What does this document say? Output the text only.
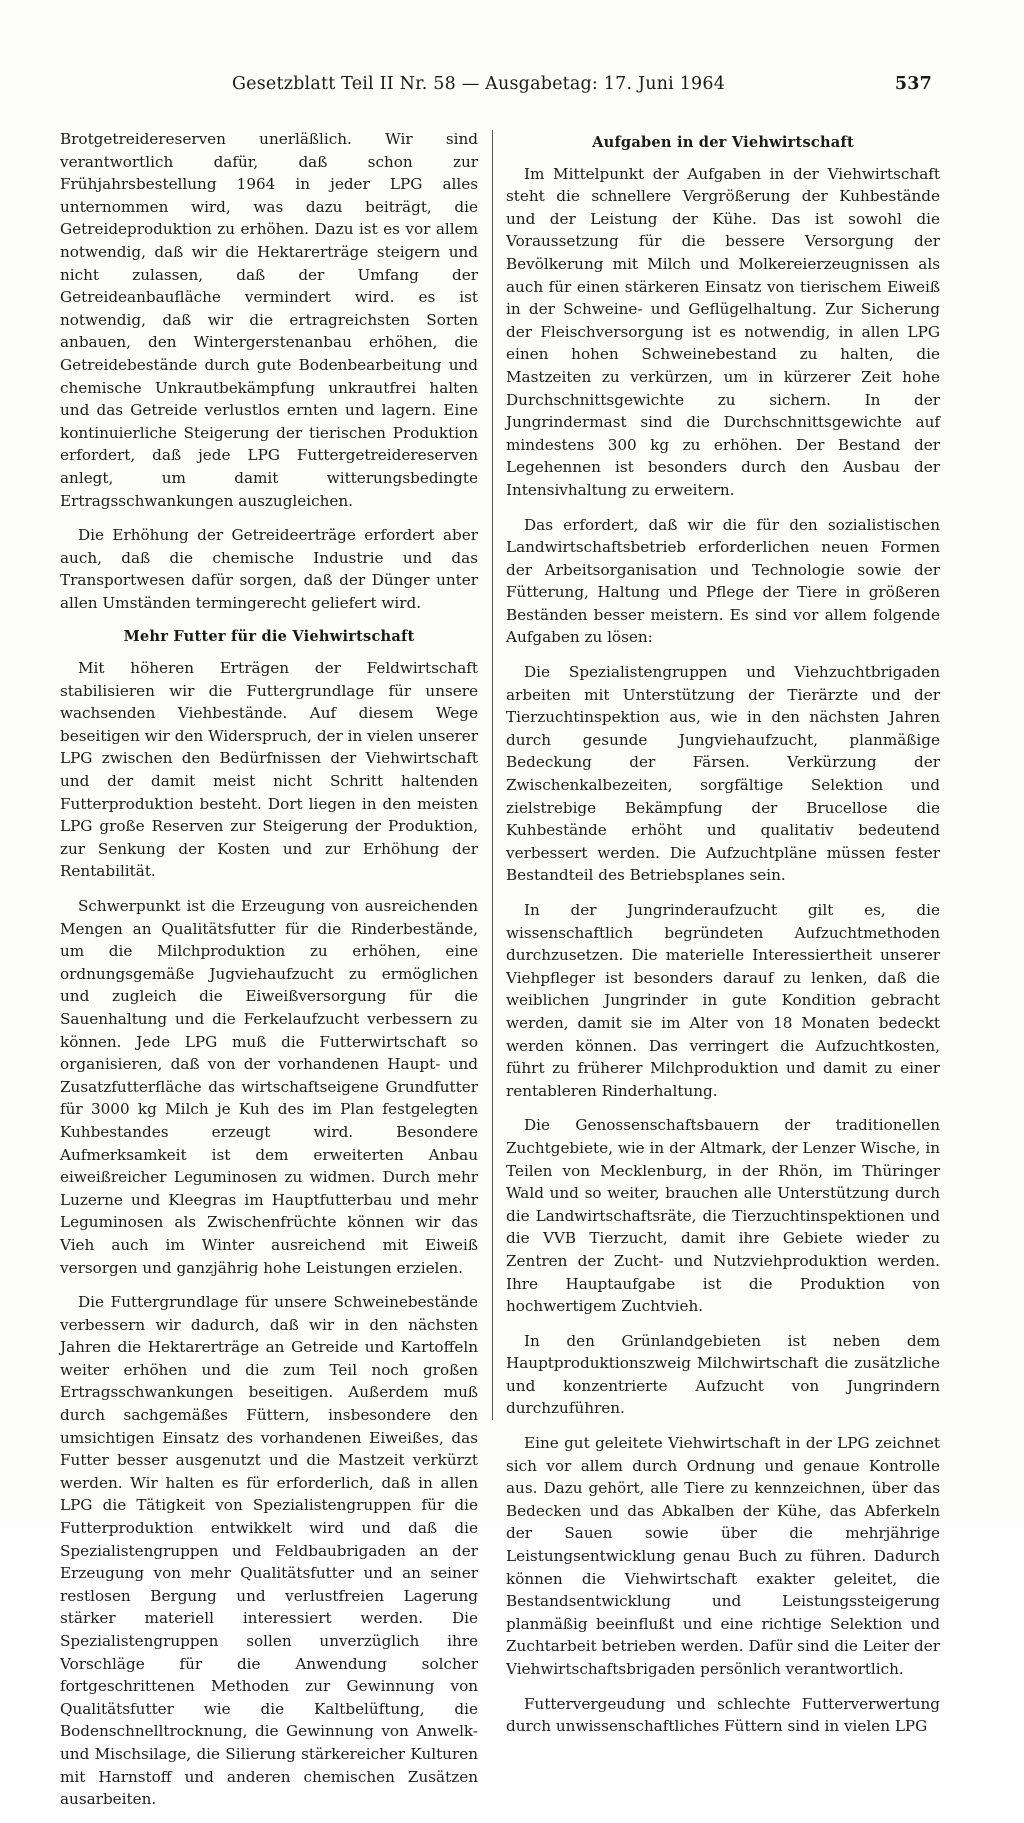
Gesetzblatt Teil II Nr. 58 — Ausgabetag: 17. Juni 1964	537

Brotgetreidereserven unerläßlich. Wir sind verantwortlich dafür, daß schon zur Frühjahrsbestellung 1964 in jeder LPG alles unternommen wird, was dazu beiträgt, die Getreideproduktion zu erhöhen. Dazu ist es vor allem notwendig, daß wir die Hektarerträge steigern und nicht zulassen, daß der Umfang der Getreideanbaufläche vermindert wird. es ist notwendig, daß wir die ertragreichsten Sorten anbauen, den Wintergerstenanbau erhöhen, die Getreidebestände durch gute Bodenbearbeitung und chemische Unkrautbekämpfung unkrautfrei halten und das Getreide verlustlos ernten und lagern. Eine kontinuierliche Steigerung der tierischen Produktion erfordert, daß jede LPG Futtergetreidereserven anlegt, um damit witterungsbedingte Ertragsschwankungen auszugleichen.

Die Erhöhung der Getreideerträge erfordert aber auch, daß die chemische Industrie und das Transportwesen dafür sorgen, daß der Dünger unter allen Umständen termingerecht geliefert wird.

Mehr Futter für die Viehwirtschaft

Mit höheren Erträgen der Feldwirtschaft stabilisieren wir die Futtergrundlage für unsere wachsenden Viehbestände. Auf diesem Wege beseitigen wir den Widerspruch, der in vielen unserer LPG zwischen den Bedürfnissen der Viehwirtschaft und der damit meist nicht Schritt haltenden Futterproduktion besteht. Dort liegen in den meisten LPG große Reserven zur Steigerung der Produktion, zur Senkung der Kosten und zur Erhöhung der Rentabilität.

Schwerpunkt ist die Erzeugung von ausreichenden Mengen an Qualitätsfutter für die Rinderbestände, um die Milchproduktion zu erhöhen, eine ordnungsgemäße Jugviehaufzucht zu ermöglichen und zugleich die Eiweißversorgung für die Sauenhaltung und die Ferkelaufzucht verbessern zu können. Jede LPG muß die Futterwirtschaft so organisieren, daß von der vorhandenen Haupt- und Zusatzfutterfläche das wirtschaftseigene Grundfutter für 3000 kg Milch je Kuh des im Plan festgelegten Kuhbestandes erzeugt wird. Besondere Aufmerksamkeit ist dem erweiterten Anbau eiweißreicher Leguminosen zu widmen. Durch mehr Luzerne und Kleegras im Hauptfutterbau und mehr Leguminosen als Zwischenfrüchte können wir das Vieh auch im Winter ausreichend mit Eiweiß versorgen und ganzjährig hohe Leistungen erzielen.

Die Futtergrundlage für unsere Schweinebestände verbessern wir dadurch, daß wir in den nächsten Jahren die Hektarerträge an Getreide und Kartoffeln weiter erhöhen und die zum Teil noch großen Ertragsschwankungen beseitigen. Außerdem muß durch sachgemäßes Füttern, insbesondere den umsichtigen Einsatz des vorhandenen Eiweißes, das Futter besser ausgenutzt und die Mastzeit verkürzt werden. Wir halten es für erforderlich, daß in allen LPG die Tätigkeit von Spezialistengruppen für die Futterproduktion entwikkelt wird und daß die Spezialistengruppen und Feldbaubrigaden an der Erzeugung von mehr Qualitätsfutter und an seiner restlosen Bergung und verlustfreien Lagerung stärker materiell interessiert werden. Die Spezialistengruppen sollen unverzüglich ihre Vorschläge für die Anwendung solcher fortgeschrittenen Methoden zur Gewinnung von Qualitätsfutter wie die Kaltbelüftung, die Bodenschnelltrocknung, die Gewinnung von Anwelk- und Mischsilage, die Silierung stärkereicher Kulturen mit Harnstoff und anderen chemischen Zusätzen ausarbeiten.

Aufgaben in der Viehwirtschaft

Im Mittelpunkt der Aufgaben in der Viehwirtschaft steht die schnellere Vergrößerung der Kuhbestände und der Leistung der Kühe. Das ist sowohl die Voraussetzung für die bessere Versorgung der Bevölkerung mit Milch und Molkereierzeugnissen als auch für einen stärkeren Einsatz von tierischem Eiweiß in der Schweine- und Geflügelhaltung. Zur Sicherung der Fleischversorgung ist es notwendig, in allen LPG einen hohen Schweinebestand zu halten, die Mastzeiten zu verkürzen, um in kürzerer Zeit hohe Durchschnittsgewichte zu sichern. In der Jungrindermast sind die Durchschnittsgewichte auf mindestens 300 kg zu erhöhen. Der Bestand der Legehennen ist besonders durch den Ausbau der Intensivhaltung zu erweitern.

Das erfordert, daß wir die für den sozialistischen Landwirtschaftsbetrieb erforderlichen neuen Formen der Arbeitsorganisation und Technologie sowie der Fütterung, Haltung und Pflege der Tiere in größeren Beständen besser meistern. Es sind vor allem folgende Aufgaben zu lösen:

Die Spezialistengruppen und Viehzuchtbrigaden arbeiten mit Unterstützung der Tierärzte und der Tierzuchtinspektion aus, wie in den nächsten Jahren durch gesunde Jungviehaufzucht, planmäßige Bedeckung der Färsen. Verkürzung der Zwischenkalbezeiten, sorgfältige Selektion und zielstrebige Bekämpfung der Brucellose die Kuhbestände erhöht und qualitativ bedeutend verbessert werden. Die Aufzuchtpläne müssen fester Bestandteil des Betriebsplanes sein.

In der Jungrinderaufzucht gilt es, die wissenschaftlich begründeten Aufzuchtmethoden durchzusetzen. Die materielle Interessiertheit unserer Viehpfleger ist besonders darauf zu lenken, daß die weiblichen Jungrinder in gute Kondition gebracht werden, damit sie im Alter von 18 Monaten bedeckt werden können. Das verringert die Aufzuchtkosten, führt zu früherer Milchproduktion und damit zu einer rentableren Rinderhaltung.

Die Genossenschaftsbauern der traditionellen Zuchtgebiete, wie in der Altmark, der Lenzer Wische, in Teilen von Mecklenburg, in der Rhön, im Thüringer Wald und so weiter, brauchen alle Unterstützung durch die Landwirtschaftsräte, die Tierzuchtinspektionen und die VVB Tierzucht, damit ihre Gebiete wieder zu Zentren der Zucht- und Nutzviehproduktion werden. Ihre Hauptaufgabe ist die Produktion von hochwertigem Zuchtvieh.

In den Grünlandgebieten ist neben dem Hauptproduktionszweig Milchwirtschaft die zusätzliche und konzentrierte Aufzucht von Jungrindern durchzuführen.

Eine gut geleitete Viehwirtschaft in der LPG zeichnet sich vor allem durch Ordnung und genaue Kontrolle aus. Dazu gehört, alle Tiere zu kennzeichnen, über das Bedecken und das Abkalben der Kühe, das Abferkeln der Sauen sowie über die mehrjährige Leistungsentwicklung genau Buch zu führen. Dadurch können die Viehwirtschaft exakter geleitet, die Bestandsentwicklung und Leistungssteigerung planmäßig beeinflußt und eine richtige Selektion und Zuchtarbeit betrieben werden. Dafür sind die Leiter der Viehwirtschaftsbrigaden persönlich verantwortlich.

Futtervergeudung und schlechte Futterverwertung durch unwissenschaftliches Füttern sind in vielen LPG
